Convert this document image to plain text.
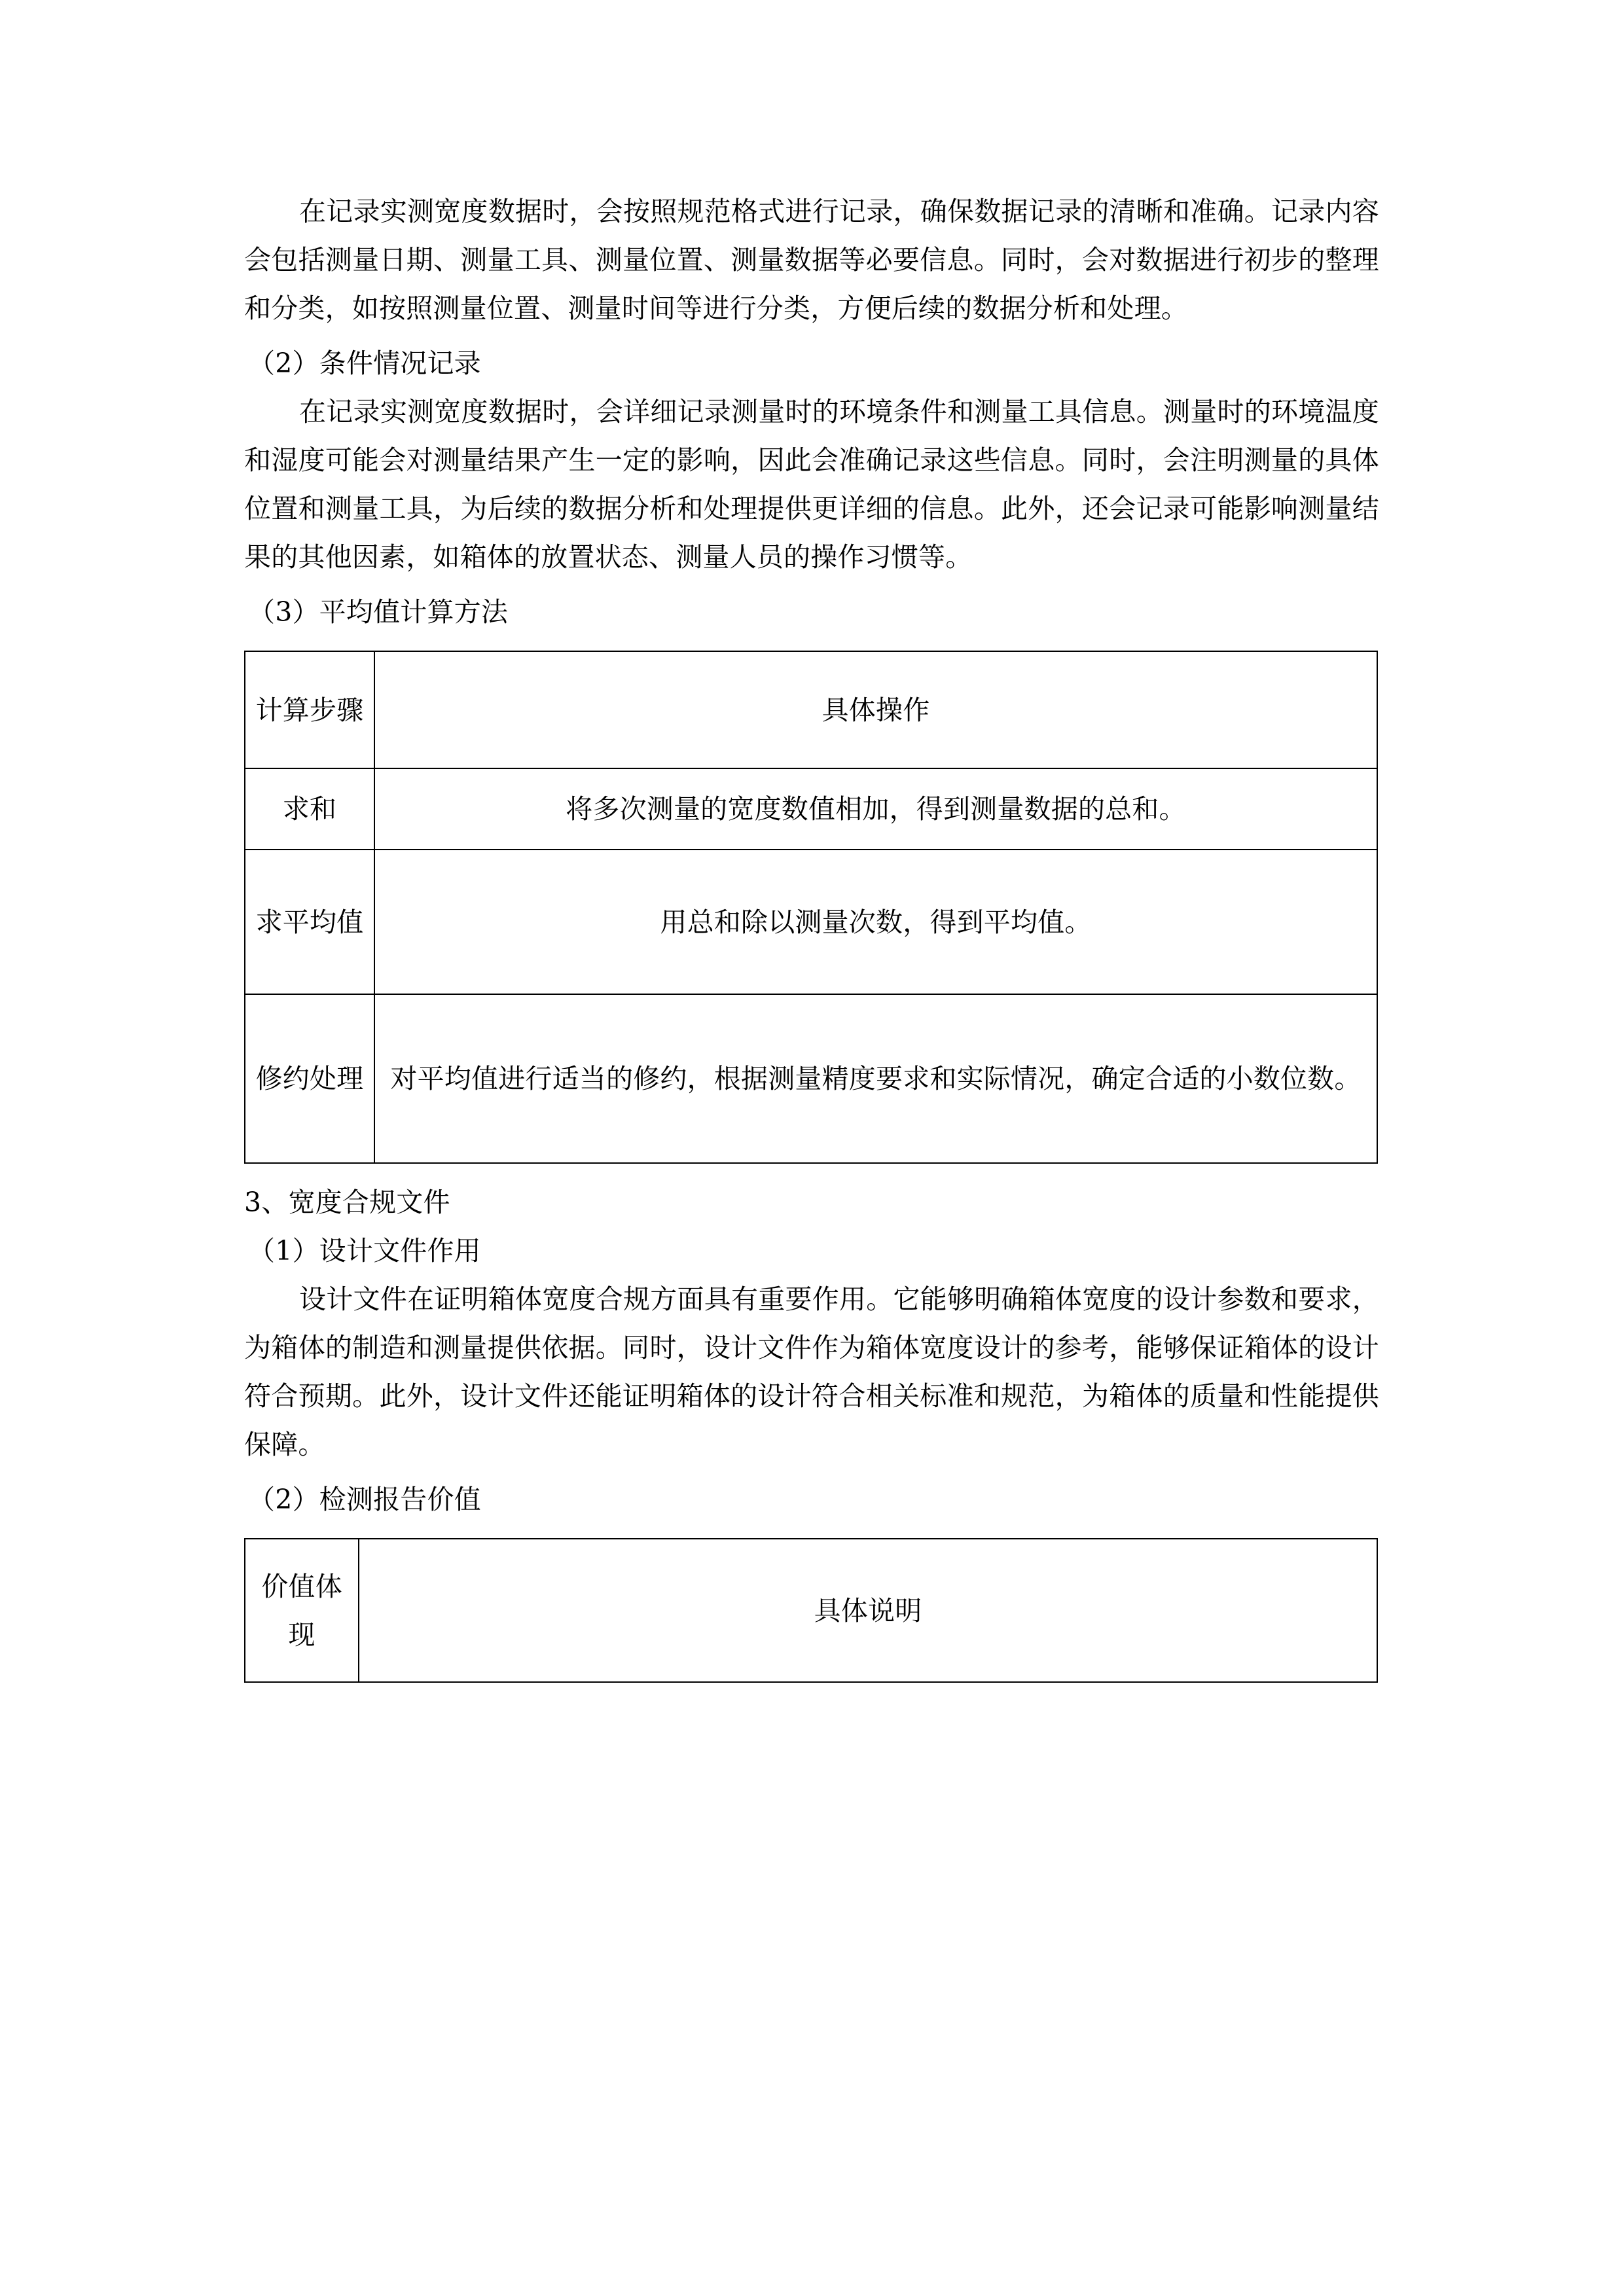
在记录实测宽度数据时，会按照规范格式进行记录，确保数据记录的清晰和准确。记录内容会包括测量日期、测量工具、测量位置、测量数据等必要信息。同时，会对数据进行初步的整理和分类，如按照测量位置、测量时间等进行分类，方便后续的数据分析和处理。

（2）条件情况记录

在记录实测宽度数据时，会详细记录测量时的环境条件和测量工具信息。测量时的环境温度和湿度可能会对测量结果产生一定的影响，因此会准确记录这些信息。同时，会注明测量的具体位置和测量工具，为后续的数据分析和处理提供更详细的信息。此外，还会记录可能影响测量结果的其他因素，如箱体的放置状态、测量人员的操作习惯等。

（3）平均值计算方法

计算步骤	具体操作
求和	将多次测量的宽度数值相加，得到测量数据的总和。
求平均值	用总和除以测量次数，得到平均值。
修约处理	对平均值进行适当的修约，根据测量精度要求和实际情况，确定合适的小数位数。

3、宽度合规文件

（1）设计文件作用

设计文件在证明箱体宽度合规方面具有重要作用。它能够明确箱体宽度的设计参数和要求，为箱体的制造和测量提供依据。同时，设计文件作为箱体宽度设计的参考，能够保证箱体的设计符合预期。此外，设计文件还能证明箱体的设计符合相关标准和规范，为箱体的质量和性能提供保障。

（2）检测报告价值

价值体现	具体说明
